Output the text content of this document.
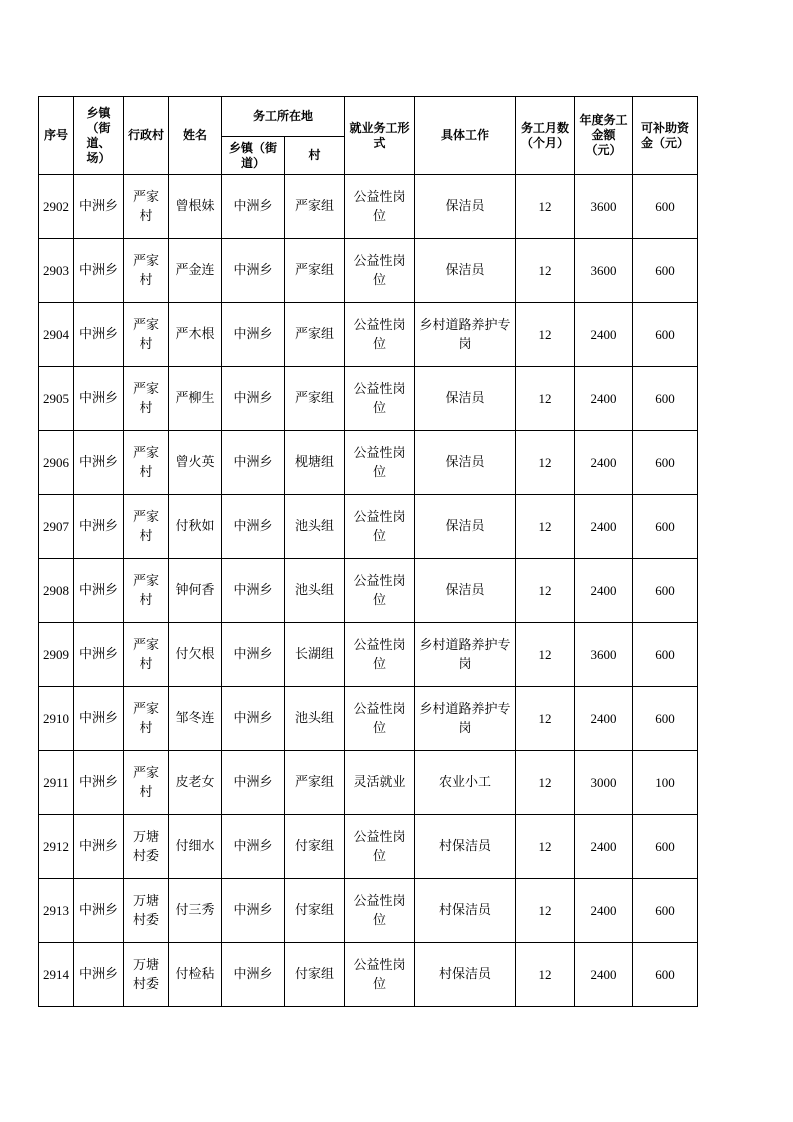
序号	乡镇（街道、场）	行政村	姓名	务工所在地		就业务工形式	具体工作	务工月数（个月）	年度务工金额（元）	可补助资金（元）
				乡镇（街道）	村					
2902	中洲乡	严家村	曾根妹	中洲乡	严家组	公益性岗位	保洁员	12	3600	600
2903	中洲乡	严家村	严金连	中洲乡	严家组	公益性岗位	保洁员	12	3600	600
2904	中洲乡	严家村	严木根	中洲乡	严家组	公益性岗位	乡村道路养护专岗	12	2400	600
2905	中洲乡	严家村	严柳生	中洲乡	严家组	公益性岗位	保洁员	12	2400	600
2906	中洲乡	严家村	曾火英	中洲乡	枧塘组	公益性岗位	保洁员	12	2400	600
2907	中洲乡	严家村	付秋如	中洲乡	池头组	公益性岗位	保洁员	12	2400	600
2908	中洲乡	严家村	钟何香	中洲乡	池头组	公益性岗位	保洁员	12	2400	600
2909	中洲乡	严家村	付欠根	中洲乡	长湖组	公益性岗位	乡村道路养护专岗	12	3600	600
2910	中洲乡	严家村	邹冬连	中洲乡	池头组	公益性岗位	乡村道路养护专岗	12	2400	600
2911	中洲乡	严家村	皮老女	中洲乡	严家组	灵活就业	农业小工	12	3000	100
2912	中洲乡	万塘村委	付细水	中洲乡	付家组	公益性岗位	村保洁员	12	2400	600
2913	中洲乡	万塘村委	付三秀	中洲乡	付家组	公益性岗位	村保洁员	12	2400	600
2914	中洲乡	万塘村委	付检秥	中洲乡	付家组	公益性岗位	村保洁员	12	2400	600
